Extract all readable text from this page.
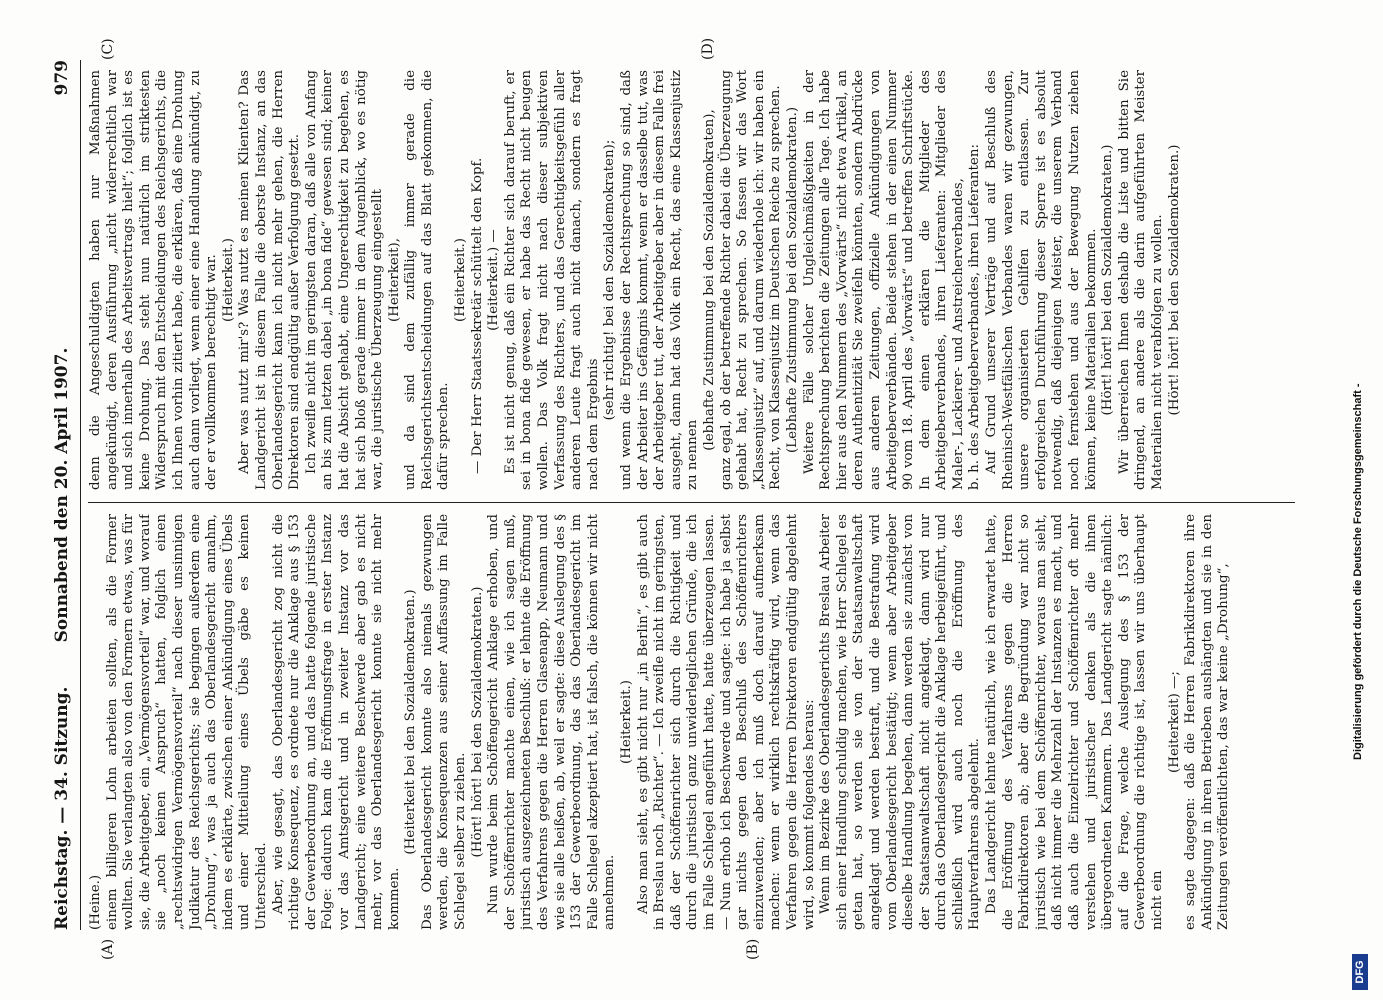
Reichstag. — 34. Sitzung.
Sonnabend den 20. April 1907.
979
(A)	(B)
(C)	(D)

(Heine.) einem billigeren Lohn arbeiten sollten, als die Former wollten. Sie verlangten also von den Formern etwas, was für sie, die Arbeitgeber, ein „Vermögensvorteil“ war, und worauf sie „noch keinen Anspruch“ hatten, folglich einen „rechtswidrigen Vermögensvorteil“ nach dieser unsinnigen Judikatur des Reichsgerichts; sie begingen außerdem eine „Drohung“, was ja auch das Oberlandesgericht annahm, indem es erklärte, zwischen einer Ankündigung eines Übels und einer Mitteilung eines Übels gäbe es keinen Unterschied. Aber, wie gesagt, das Oberlandesgericht zog nicht die richtige Konsequenz, es ordnete nur die Anklage aus § 153 der Gewerbeordnung an, und das hatte folgende juristische Folge: dadurch kam die Eröffnungsfrage in erster Instanz vor das Amtsgericht und in zweiter Instanz vor das Landgericht; eine weitere Beschwerde aber gab es nicht mehr, vor das Oberlandesgericht konnte sie nicht mehr kommen.

(Heiterkeit bei den Sozialdemokraten.) Das Oberlandesgericht konnte also niemals gezwungen werden, die Konsequenzen aus seiner Auffassung im Falle Schlegel selber zu ziehen. (Hört! hört! bei den Sozialdemokraten.) Nun wurde beim Schöffengericht Anklage erhoben, und der Schöffenrichter machte einen, wie ich sagen muß, juristisch ausgezeichneten Beschluß: er lehnte die Eröffnung des Verfahrens gegen die Herren Glasenapp, Neumann und wie sie alle heißen, ab, weil er sagte: diese Auslegung des § 153 der Gewerbeordnung, das das Oberlandesgericht im Falle Schlegel akzeptiert hat, ist falsch, die können wir nicht annehmen.

(Heiterkeit.) Also man sieht, es gibt nicht nur „in Berlin“, es gibt auch in Breslau noch „Richter“. — Ich zweifle nicht im geringsten, daß der Schöffenrichter sich durch die Richtigkeit und durch die juristisch ganz unwiderleglichen Gründe, die ich im Falle Schlegel angeführt hatte, hatte überzeugen lassen. — Nun erhob ich Beschwerde und sagte: ich habe ja selbst gar nichts gegen den Beschluß des Schöffenrichters einzuwenden; aber ich muß doch darauf aufmerksam machen: wenn er wirklich rechtskräftig wird, wenn das Verfahren gegen die Herren Direktoren endgültig abgelehnt wird, so kommt folgendes heraus: Wenn im Bezirke des Oberlandesgerichts Breslau Arbeiter sich einer Handlung schuldig machen, wie Herr Schlegel es getan hat, so werden sie von der Staatsanwaltschaft angeklagt und werden bestraft, und die Bestrafung wird vom Oberlandesgericht bestätigt; wenn aber Arbeitgeber dieselbe Handlung begehen, dann werden sie zunächst von der Staatsanwaltschaft nicht angeklagt, dann wird nur durch das Oberlandesgericht die Anklage herbeigeführt, und schließlich wird auch noch die Eröffnung des Hauptverfahrens abgelehnt. Das Landgericht lehnte natürlich, wie ich erwartet hatte, die Eröffnung des Verfahrens gegen die Herren Fabrikdirektoren ab; aber die Begründung war nicht so juristisch wie bei dem Schöffenrichter, woraus man sieht, daß nicht immer die Mehrzahl der Instanzen es macht, und daß auch die Einzelrichter und Schöffenrichter oft mehr verstehen und juristischer denken als die ihnen übergeordneten Kammern. Das Landgericht sagte nämlich: auf die Frage, welche Auslegung des § 153 der Gewerbeordnung die richtige ist, lassen wir uns überhaupt nicht ein

(Heiterkeit) —; es sagte dagegen: daß die Herren Fabrikdirektoren ihre Ankündigung in ihren Betrieben aushängten und sie in den Zeitungen veröffentlichten, das war keine „Drohung“,

denn die Angeschuldigten haben nur Maßnahmen angekündigt, deren Ausführung „nicht widerrechtlich war und sich innerhalb des Arbeitsvertrags hielt“; folglich ist es keine Drohung. Das steht nun natürlich im striktesten Widerspruch mit den Entscheidungen des Reichsgerichts, die ich Ihnen vorhin zitiert habe, die erklären, daß eine Drohung auch dann vorliegt, wenn einer eine Handlung ankündigt, zu der er vollkommen berechtigt war. (Heiterkeit.) Aber was nutzt mir's? Was nutzt es meinen Klienten? Das Landgericht ist in diesem Falle die oberste Instanz, an das Oberlandesgericht kann ich nicht mehr gehen, die Herren Direktoren sind endgültig außer Verfolgung gesetzt. Ich zweifle nicht im geringsten daran, daß alle von Anfang an bis zum letzten dabei „in bona fide“ gewesen sind; keiner hat die Absicht gehabt, eine Ungerechtigkeit zu begehen, es hat sich bloß gerade immer in dem Augenblick, wo es nötig war, die juristische Überzeugung eingestellt (Heiterkeit), und da sind dem zufällig immer gerade die Reichsgerichtsentscheidungen auf das Blatt gekommen, die dafür sprechen.

(Heiterkeit.) — Der Herr Staatssekretär schüttelt den Kopf. (Heiterkeit.) — Es ist nicht genug, daß ein Richter sich darauf beruft, er sei in bona fide gewesen, er habe das Recht nicht beugen wollen. Das Volk fragt nicht nach dieser subjektiven Verfassung des Richters, und das Gerechtigkeitsgefühl aller anderen Leute fragt auch nicht danach, sondern es fragt nach dem Ergebnis

(sehr richtig! bei den Sozialdemokraten); und wenn die Ergebnisse der Rechtsprechung so sind, daß der Arbeiter ins Gefängnis kommt, wenn er dasselbe tut, was der Arbeitgeber tut, der Arbeitgeber aber in diesem Falle frei ausgeht, dann hat das Volk ein Recht, das eine Klassenjustiz zu nennen

(lebhafte Zustimmung bei den Sozialdemokraten), ganz egal, ob der betreffende Richter dabei die Überzeugung gehabt hat, Recht zu sprechen. So fassen wir das Wort „Klassenjustiz“ auf, und darum wiederhole ich: wir haben ein Recht, von Klassenjustiz im Deutschen Reiche zu sprechen. (Lebhafte Zustimmung bei den Sozialdemokraten.) Weitere Fälle solcher Ungleichmäßigkeiten in der Rechtsprechung berichten die Zeitungen alle Tage. Ich habe hier aus den Nummern des „Vorwärts“ nicht etwa Artikel, an deren Authentizität Sie zweifeln könnten, sondern Abdrücke aus anderen Zeitungen, offizielle Ankündigungen von Arbeitgeberverbänden. Beide stehen in der einen Nummer 90 vom 18. April des „Vorwärts“ und betreffen Schriftstücke. In dem einen erklären die Mitglieder des Arbeitgeberverbandes, ihren Lieferanten: Mitglieder des Maler-, Lackierer- und Anstreicherverbandes, b. h. des Arbeitgeberverbandes, ihren Lieferanten: Auf Grund unserer Verträge und auf Beschluß des Rheinisch-Westfälischen Verbandes waren wir gezwungen, unsere organisierten Gehilfen zu entlassen. Zur erfolgreichen Durchführung dieser Sperre ist es absolut notwendig, daß diejenigen Meister, die unserem Verband noch fernstehen und aus der Bewegung Nutzen ziehen können, keine Materialien bekommen. (Hört! hört! bei den Sozialdemokraten.) Wir überreichen Ihnen deshalb die Liste und bitten Sie dringend, an andere als die darin aufgeführten Meister Materialien nicht verabfolgen zu wollen. (Hört! hört! bei den Sozialdemokraten.)

DFG
Digitalisierung gefördert durch die Deutsche Forschungsgemeinschaft -
